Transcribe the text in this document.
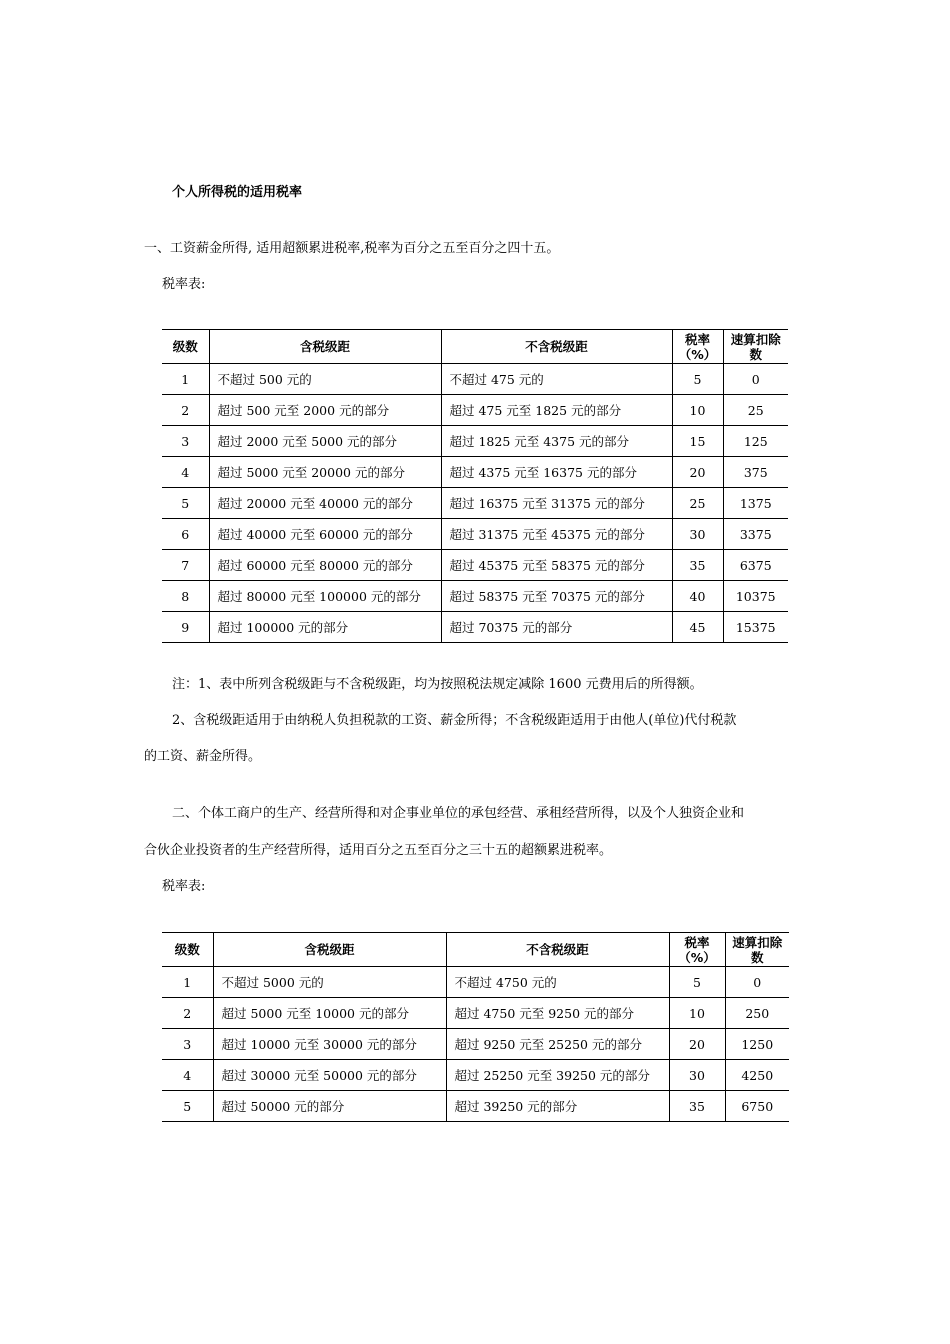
个人所得税的适用税率
一、工资薪金所得, 适用超额累进税率,税率为百分之五至百分之四十五。
税率表:
级数	含税级距	不含税级距	税率（%）	速算扣除数
1	不超过 500 元的	不超过 475 元的	5	0
2	超过 500 元至 2000 元的部分	超过 475 元至 1825 元的部分	10	25
3	超过 2000 元至 5000 元的部分	超过 1825 元至 4375 元的部分	15	125
4	超过 5000 元至 20000 元的部分	超过 4375 元至 16375 元的部分	20	375
5	超过 20000 元至 40000 元的部分	超过 16375 元至 31375 元的部分	25	1375
6	超过 40000 元至 60000 元的部分	超过 31375 元至 45375 元的部分	30	3375
7	超过 60000 元至 80000 元的部分	超过 45375 元至 58375 元的部分	35	6375
8	超过 80000 元至 100000 元的部分	超过 58375 元至 70375 元的部分	40	10375
9	超过 100000 元的部分	超过 70375 元的部分	45	15375
注：1、表中所列含税级距与不含税级距，均为按照税法规定减除 1600 元费用后的所得额。
2、含税级距适用于由纳税人负担税款的工资、薪金所得；不含税级距适用于由他人(单位)代付税款
的工资、薪金所得。
二、个体工商户的生产、经营所得和对企事业单位的承包经营、承租经营所得，以及个人独资企业和
合伙企业投资者的生产经营所得，适用百分之五至百分之三十五的超额累进税率。
税率表:
级数	含税级距	不含税级距	税率（%）	速算扣除数
1	不超过 5000 元的	不超过 4750 元的	5	0
2	超过 5000 元至 10000 元的部分	超过 4750 元至 9250 元的部分	10	250
3	超过 10000 元至 30000 元的部分	超过 9250 元至 25250 元的部分	20	1250
4	超过 30000 元至 50000 元的部分	超过 25250 元至 39250 元的部分	30	4250
5	超过 50000 元的部分	超过 39250 元的部分	35	6750
